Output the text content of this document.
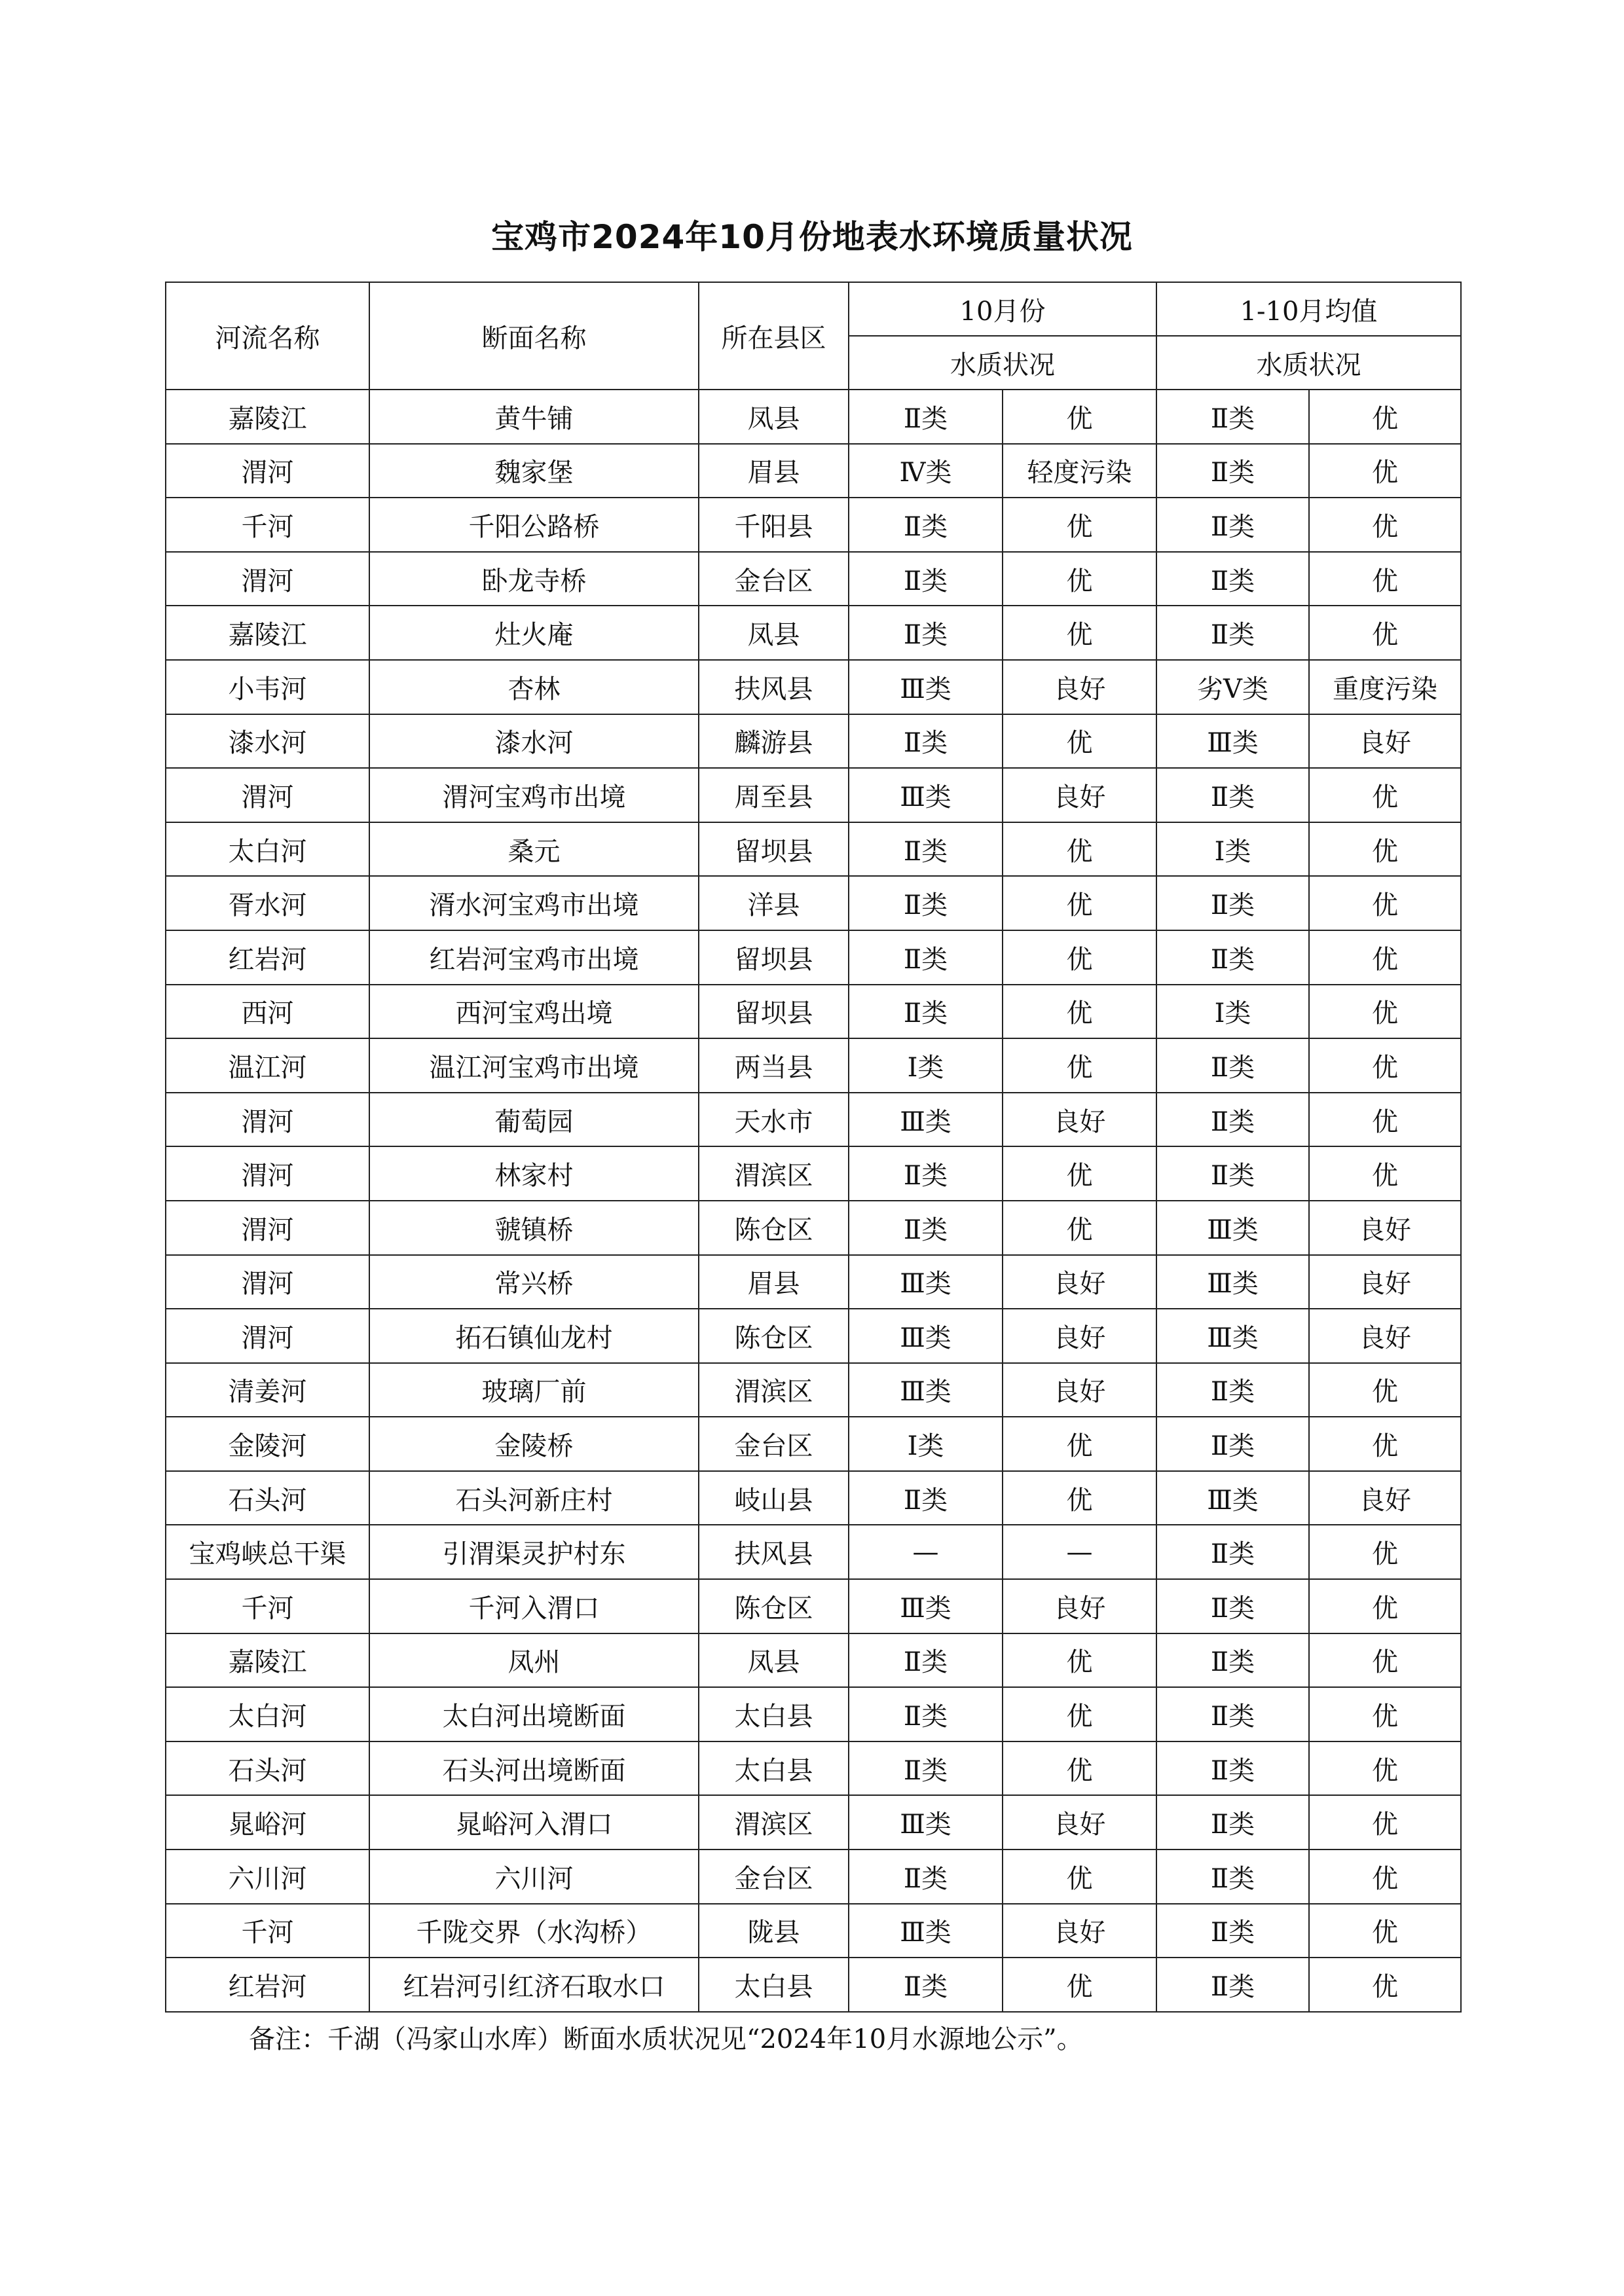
宝鸡市2024年10月份地表水环境质量状况
河流名称	断面名称	所在县区	10月份		1-10月均值	
			水质状况		水质状况	
嘉陵江	黄牛铺	凤县	Ⅱ类	优	Ⅱ类	优
渭河	魏家堡	眉县	Ⅳ类	轻度污染	Ⅱ类	优
千河	千阳公路桥	千阳县	Ⅱ类	优	Ⅱ类	优
渭河	卧龙寺桥	金台区	Ⅱ类	优	Ⅱ类	优
嘉陵江	灶火庵	凤县	Ⅱ类	优	Ⅱ类	优
小韦河	杏林	扶风县	Ⅲ类	良好	劣Ⅴ类	重度污染
漆水河	漆水河	麟游县	Ⅱ类	优	Ⅲ类	良好
渭河	渭河宝鸡市出境	周至县	Ⅲ类	良好	Ⅱ类	优
太白河	桑元	留坝县	Ⅱ类	优	Ⅰ类	优
胥水河	湑水河宝鸡市出境	洋县	Ⅱ类	优	Ⅱ类	优
红岩河	红岩河宝鸡市出境	留坝县	Ⅱ类	优	Ⅱ类	优
西河	西河宝鸡出境	留坝县	Ⅱ类	优	Ⅰ类	优
温江河	温江河宝鸡市出境	两当县	Ⅰ类	优	Ⅱ类	优
渭河	葡萄园	天水市	Ⅲ类	良好	Ⅱ类	优
渭河	林家村	渭滨区	Ⅱ类	优	Ⅱ类	优
渭河	虢镇桥	陈仓区	Ⅱ类	优	Ⅲ类	良好
渭河	常兴桥	眉县	Ⅲ类	良好	Ⅲ类	良好
渭河	拓石镇仙龙村	陈仓区	Ⅲ类	良好	Ⅲ类	良好
清姜河	玻璃厂前	渭滨区	Ⅲ类	良好	Ⅱ类	优
金陵河	金陵桥	金台区	Ⅰ类	优	Ⅱ类	优
石头河	石头河新庄村	岐山县	Ⅱ类	优	Ⅲ类	良好
宝鸡峡总干渠	引渭渠灵护村东	扶风县	—	—	Ⅱ类	优
千河	千河入渭口	陈仓区	Ⅲ类	良好	Ⅱ类	优
嘉陵江	凤州	凤县	Ⅱ类	优	Ⅱ类	优
太白河	太白河出境断面	太白县	Ⅱ类	优	Ⅱ类	优
石头河	石头河出境断面	太白县	Ⅱ类	优	Ⅱ类	优
晁峪河	晁峪河入渭口	渭滨区	Ⅲ类	良好	Ⅱ类	优
六川河	六川河	金台区	Ⅱ类	优	Ⅱ类	优
千河	千陇交界（水沟桥）	陇县	Ⅲ类	良好	Ⅱ类	优
红岩河	红岩河引红济石取水口	太白县	Ⅱ类	优	Ⅱ类	优
备注：千湖（冯家山水库）断面水质状况见“2024年10月水源地公示”。
